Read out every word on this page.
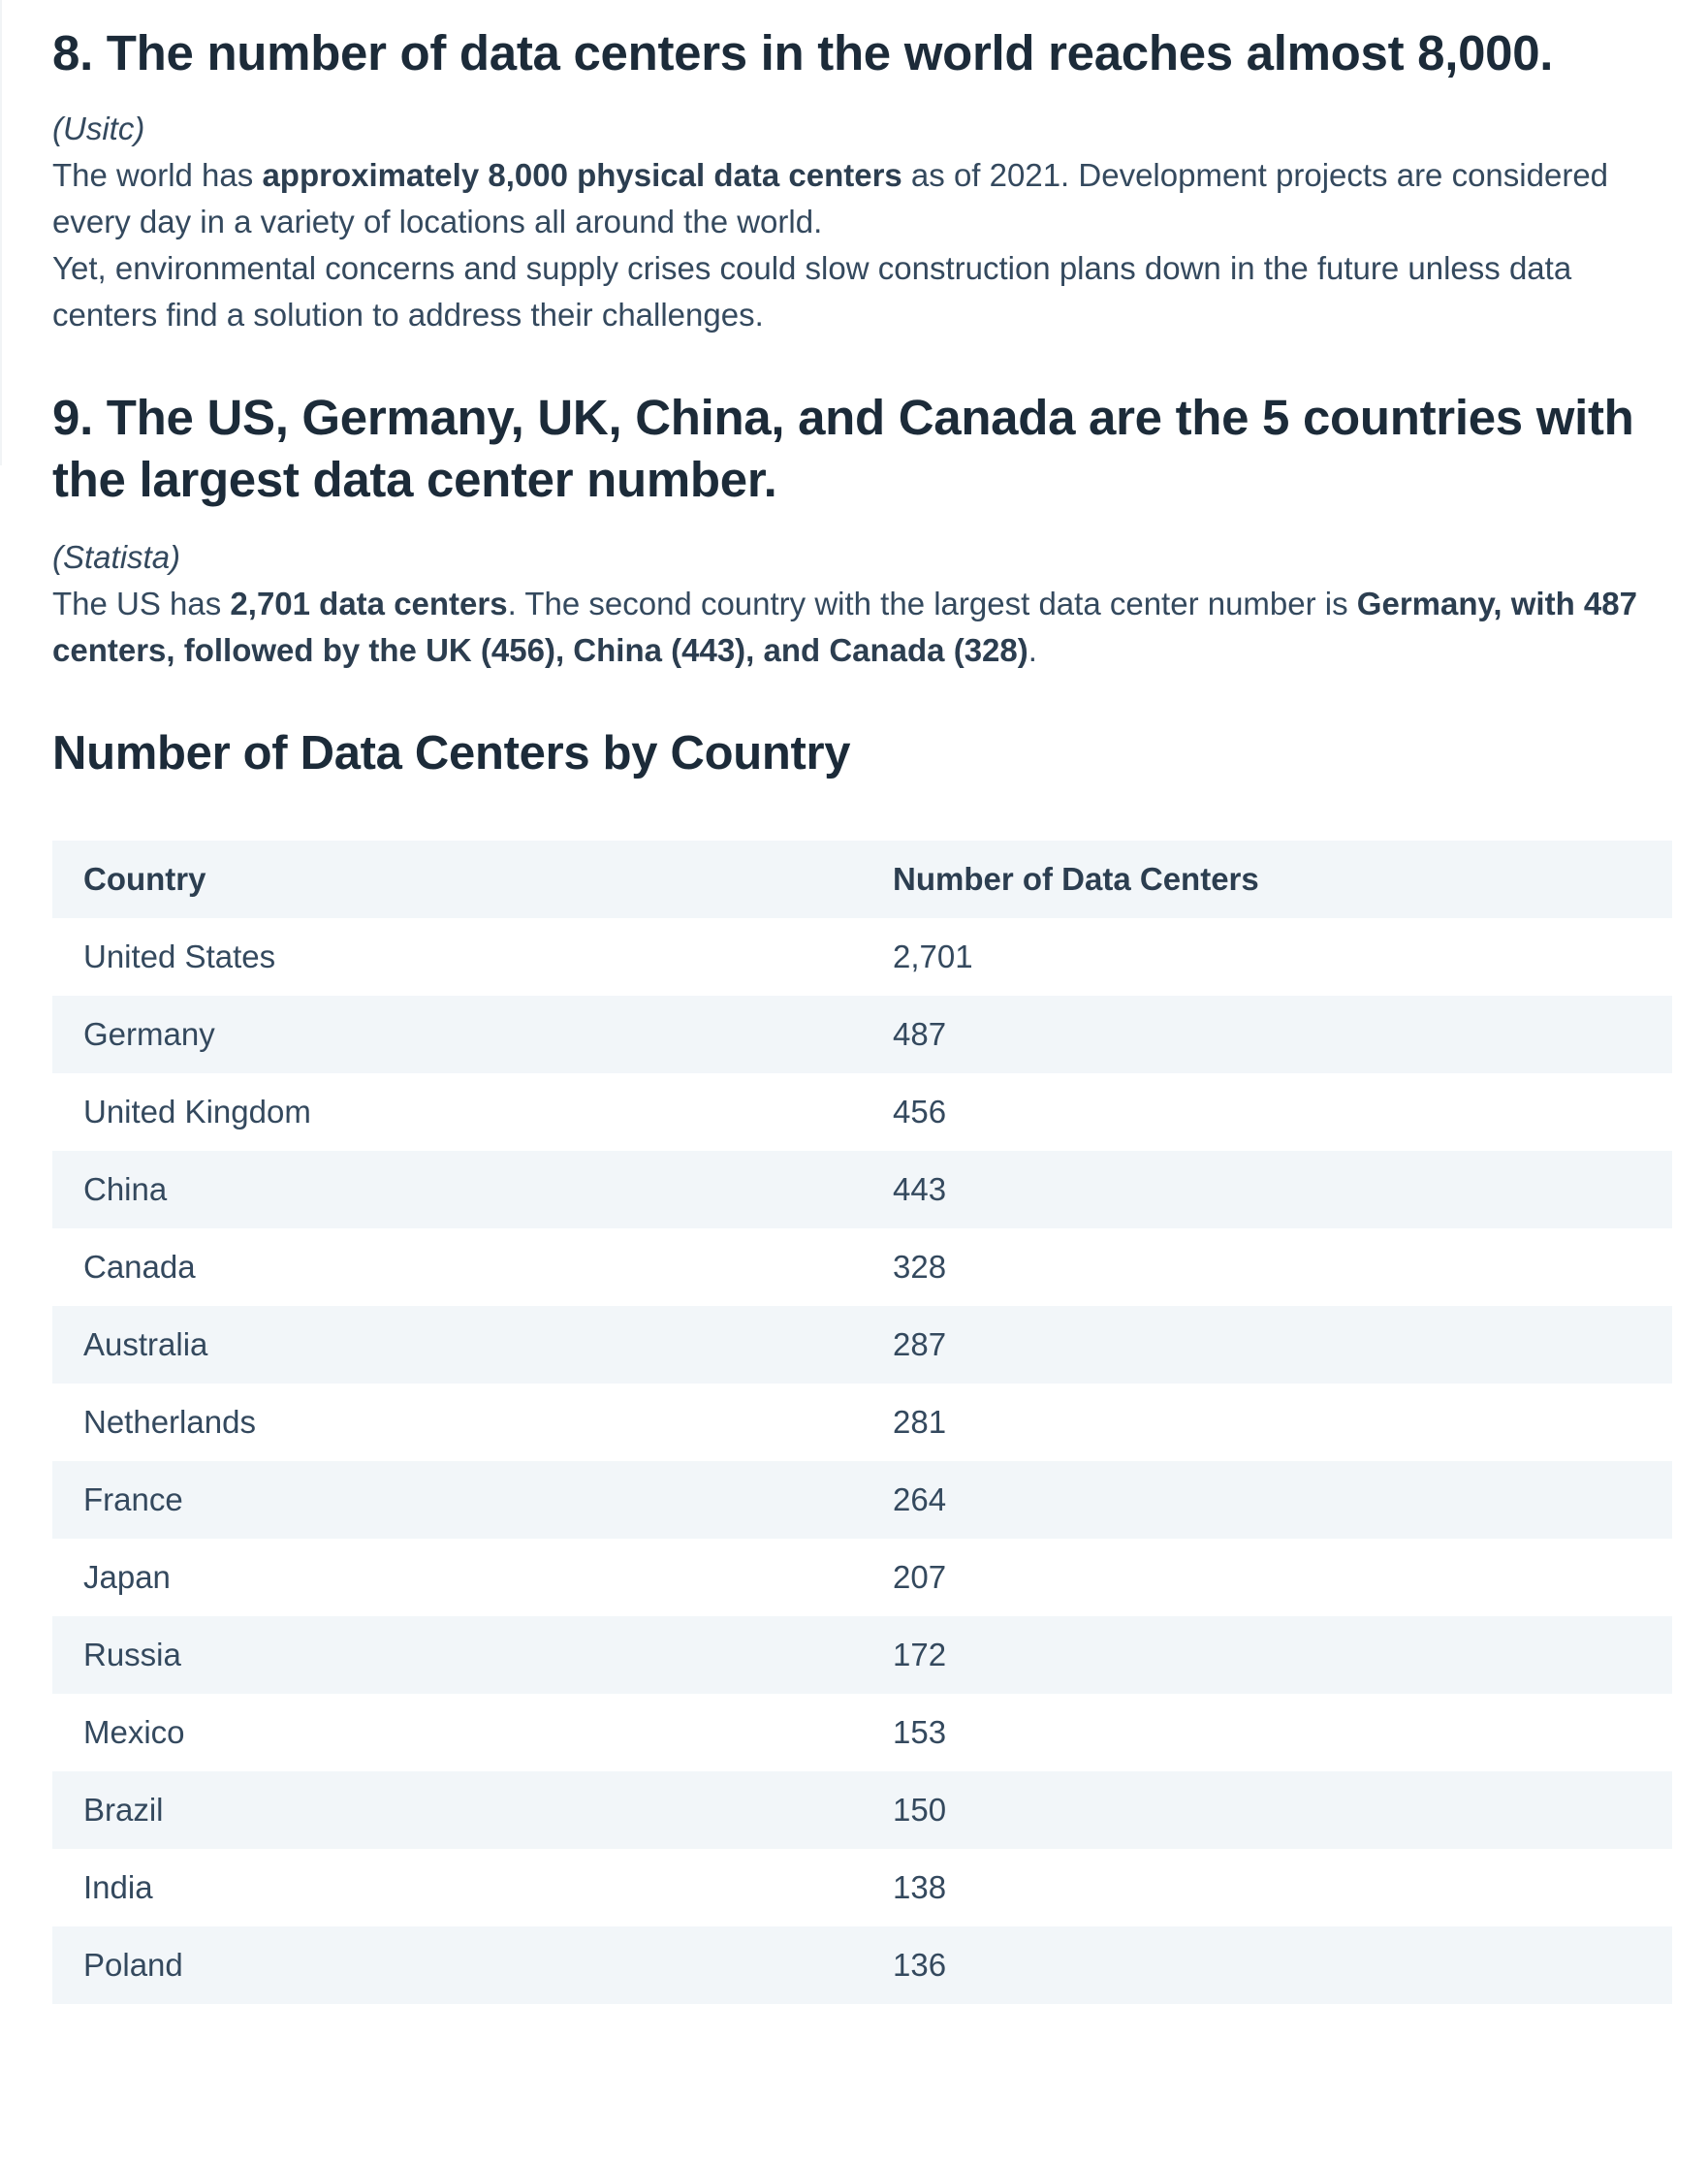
8. The number of data centers in the world reaches almost 8,000.

(Usitc)

The world has approximately 8,000 physical data centers as of 2021. Development projects are considered every day in a variety of locations all around the world.

Yet, environmental concerns and supply crises could slow construction plans down in the future unless data centers find a solution to address their challenges.

9. The US, Germany, UK, China, and Canada are the 5 countries with the largest data center number.

(Statista)

The US has 2,701 data centers. The second country with the largest data center number is Germany, with 487 centers, followed by the UK (456), China (443), and Canada (328).

Number of Data Centers by Country
Country	Number of Data Centers
United States	2,701
Germany	487
United Kingdom	456
China	443
Canada	328
Australia	287
Netherlands	281
France	264
Japan	207
Russia	172
Mexico	153
Brazil	150
India	138
Poland	136
